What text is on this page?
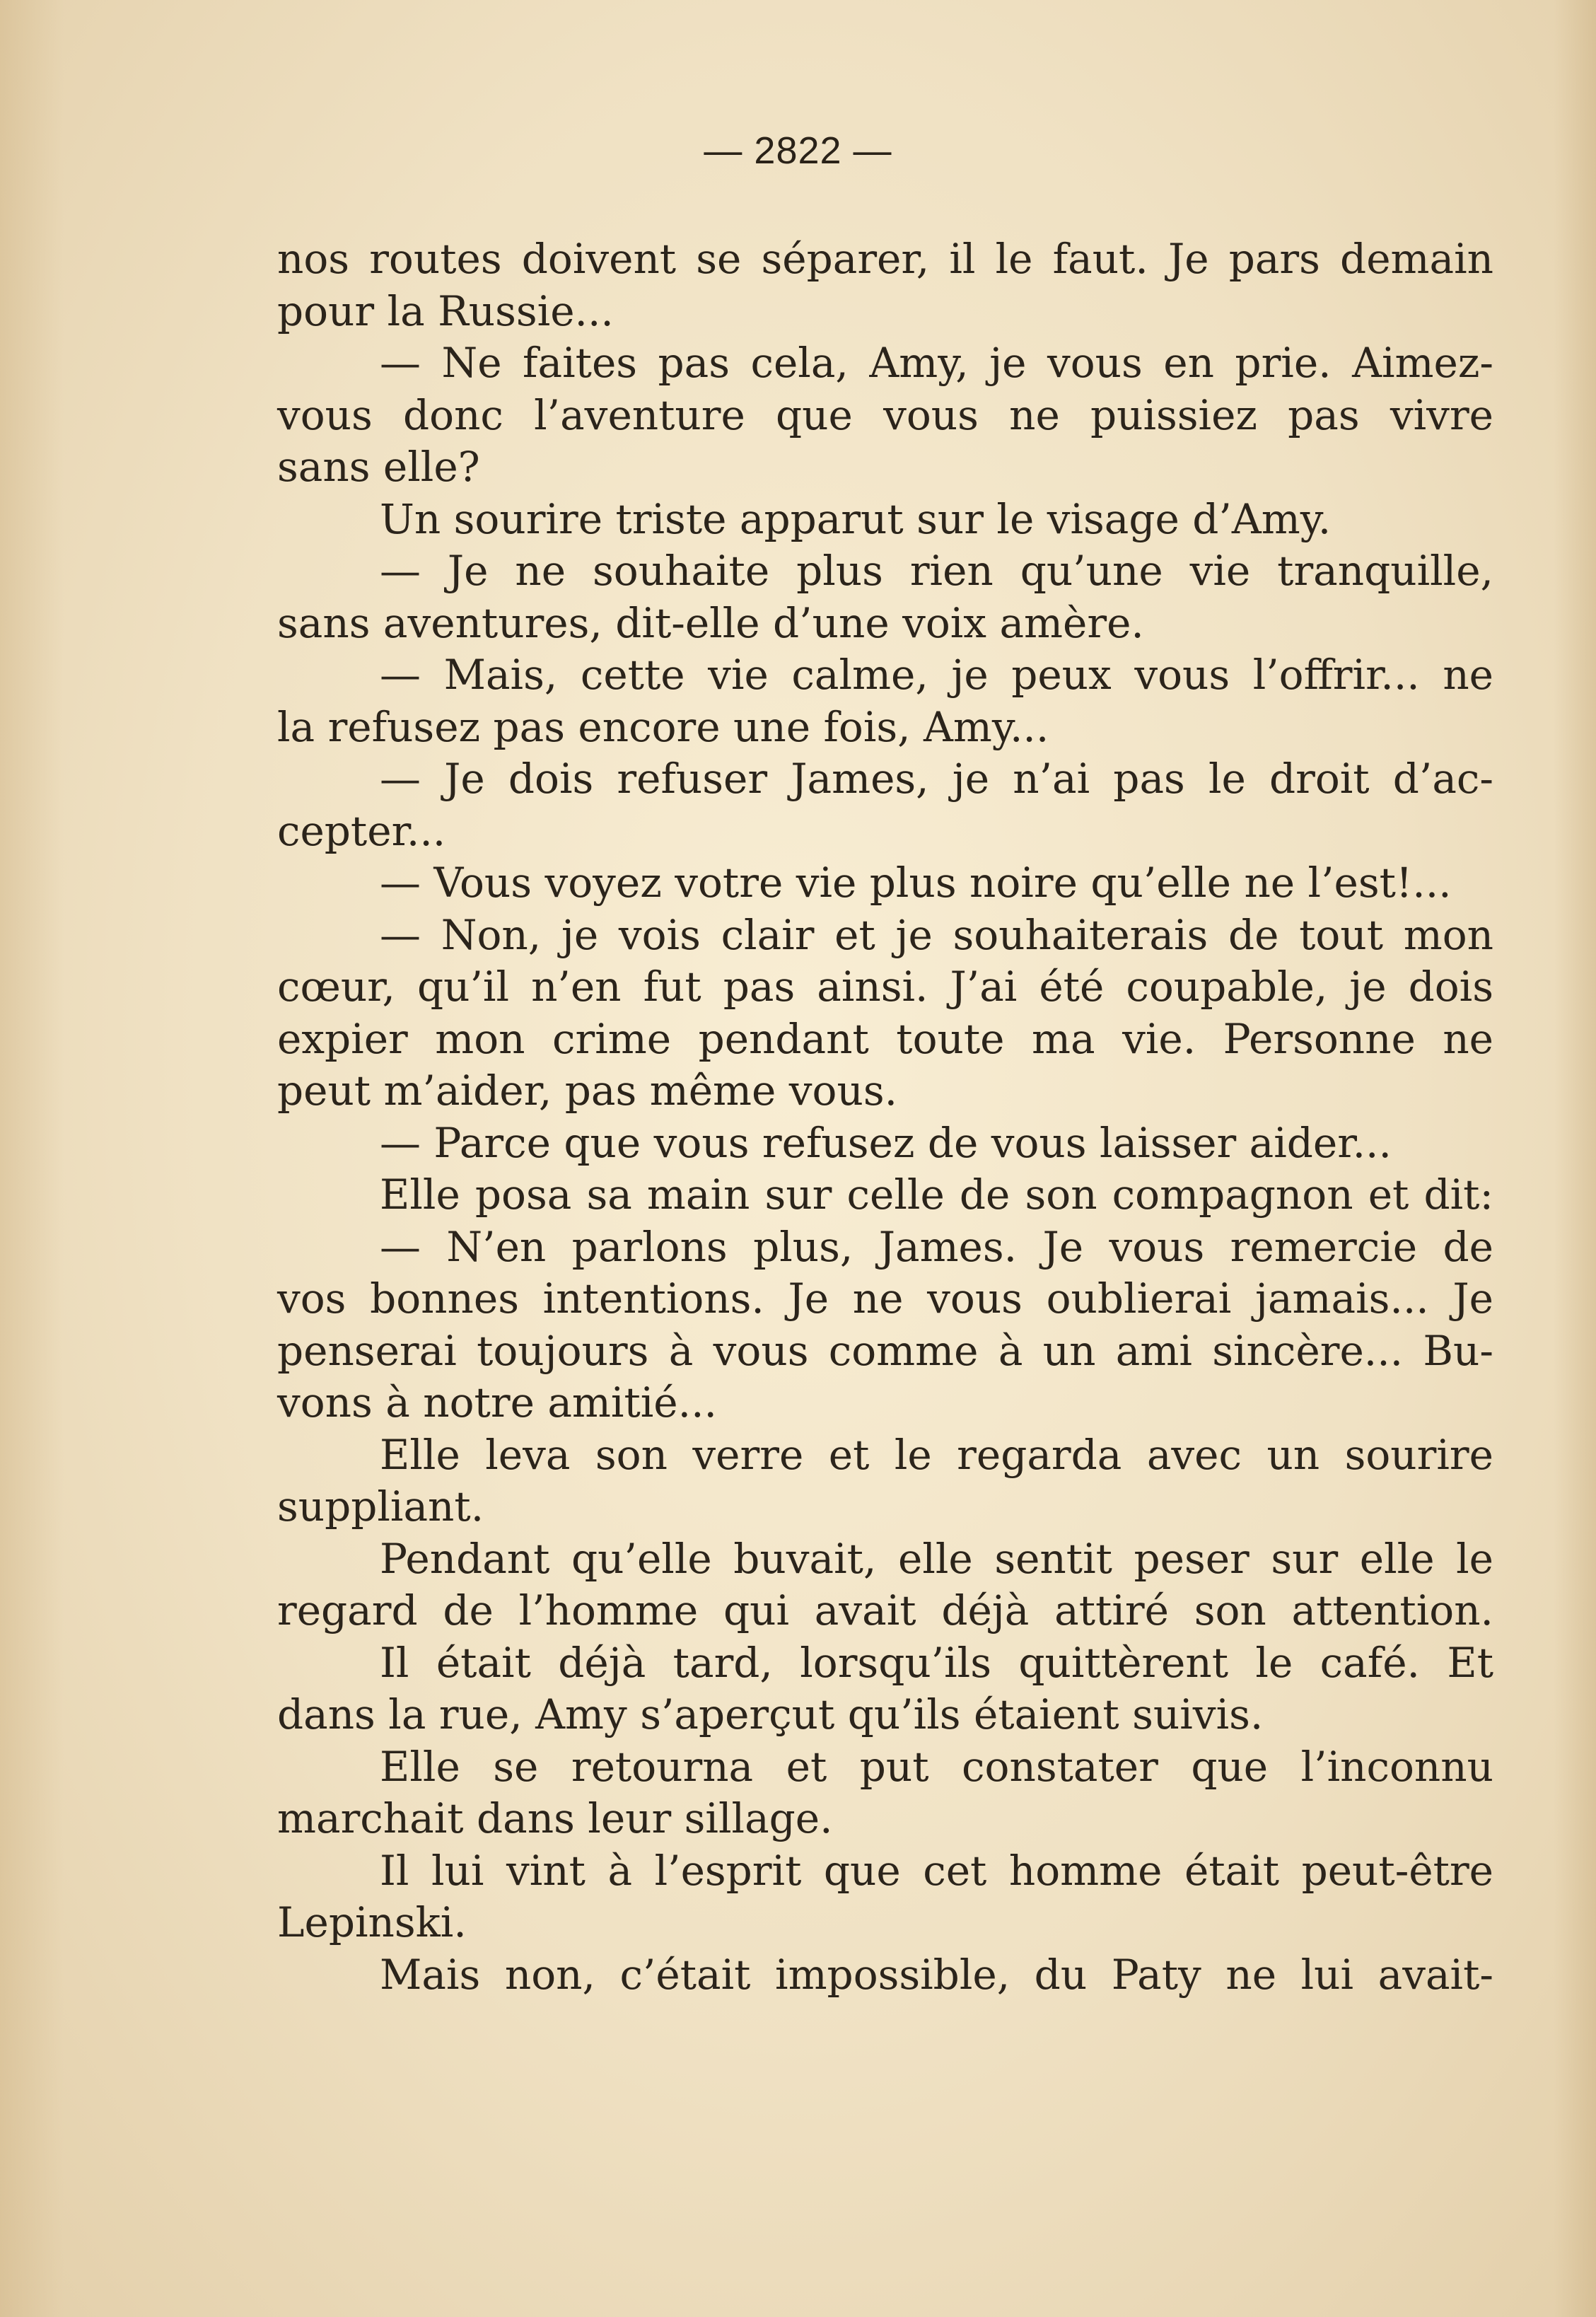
— 2822 —
nos routes doivent se séparer, il le faut. Je pars demain
pour la Russie...
— Ne faites pas cela, Amy, je vous en prie. Aimez-
vous donc l’aventure que vous ne puissiez pas vivre
sans elle?
Un sourire triste apparut sur le visage d’Amy.
— Je ne souhaite plus rien qu’une vie tranquille,
sans aventures, dit-elle d’une voix amère.
— Mais, cette vie calme, je peux vous l’offrir... ne
la refusez pas encore une fois, Amy...
— Je dois refuser James, je n’ai pas le droit d’ac-
cepter...
— Vous voyez votre vie plus noire qu’elle ne l’est!...
— Non, je vois clair et je souhaiterais de tout mon
cœur, qu’il n’en fut pas ainsi. J’ai été coupable, je dois
expier mon crime pendant toute ma vie. Personne ne
peut m’aider, pas même vous.
— Parce que vous refusez de vous laisser aider...
Elle posa sa main sur celle de son compagnon et dit:
— N’en parlons plus, James. Je vous remercie de
vos bonnes intentions. Je ne vous oublierai jamais... Je
penserai toujours à vous comme à un ami sincère... Bu-
vons à notre amitié...
Elle leva son verre et le regarda avec un sourire
suppliant.
Pendant qu’elle buvait, elle sentit peser sur elle le
regard de l’homme qui avait déjà attiré son attention.
Il était déjà tard, lorsqu’ils quittèrent le café. Et
dans la rue, Amy s’aperçut qu’ils étaient suivis.
Elle se retourna et put constater que l’inconnu
marchait dans leur sillage.
Il lui vint à l’esprit que cet homme était peut-être
Lepinski.
Mais non, c’était impossible, du Paty ne lui avait-
